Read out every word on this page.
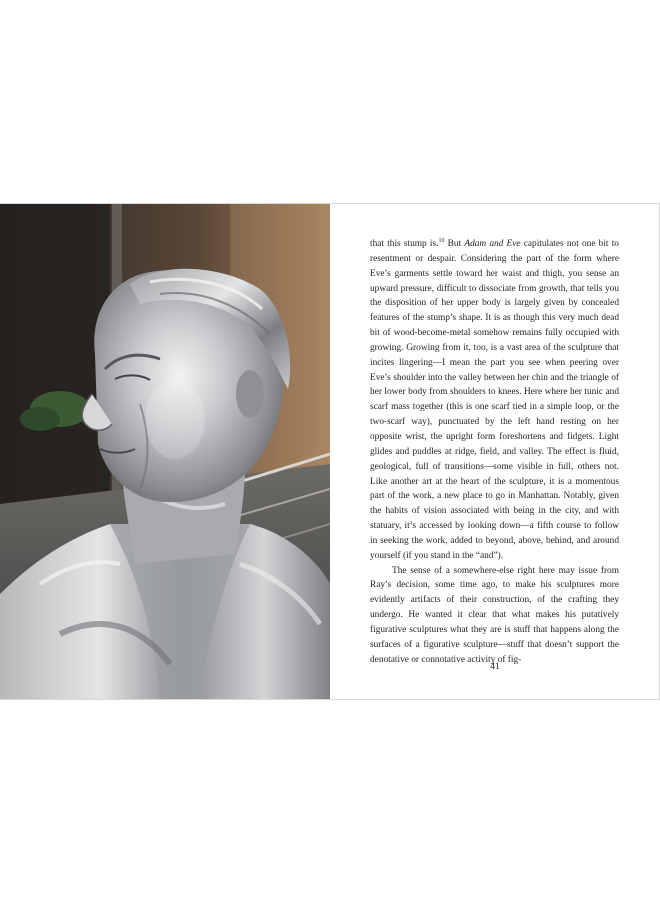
that this stump is.$^{10}$ But Adam and Eve capitulates not one bit to resentment or despair. Considering the part of the form where Eve’s garments settle toward her waist and thigh, you sense an upward pressure, difficult to dissociate from growth, that tells you the disposition of her upper body is largely given by concealed features of the stump’s shape. It is as though this very much dead bit of wood-become-metal somehow remains fully occupied with growing. Growing from it, too, is a vast area of the sculpture that incites lingering—I mean the part you see when peering over Eve’s shoulder into the valley between her chin and the triangle of her lower body from shoulders to knees. Here where her tunic and scarf mass together (this is one scarf tied in a simple loop, or the two-scarf way), punctuated by the left hand resting on her opposite wrist, the upright form foreshortens and fidgets. Light glides and puddles at ridge, field, and valley. The effect is fluid, geological, full of transitions—some visible in full, others not. Like another art at the heart of the sculpture, it is a momentous part of the work, a new place to go in Manhattan. Notably, given the habits of vision associated with being in the city, and with statuary, it’s accessed by looking down—a fifth course to follow in seeking the work, added to beyond, above, behind, and around yourself (if you stand in the “and”).

The sense of a somewhere-else right here may issue from Ray’s decision, some time ago, to make his sculptures more evidently artifacts of their construction, of the crafting they undergo. He wanted it clear that what makes his putatively figurative sculptures what they are is stuff that happens along the surfaces of a figurative sculpture—stuff that doesn’t support the denotative or connotative activity of fig-

41
